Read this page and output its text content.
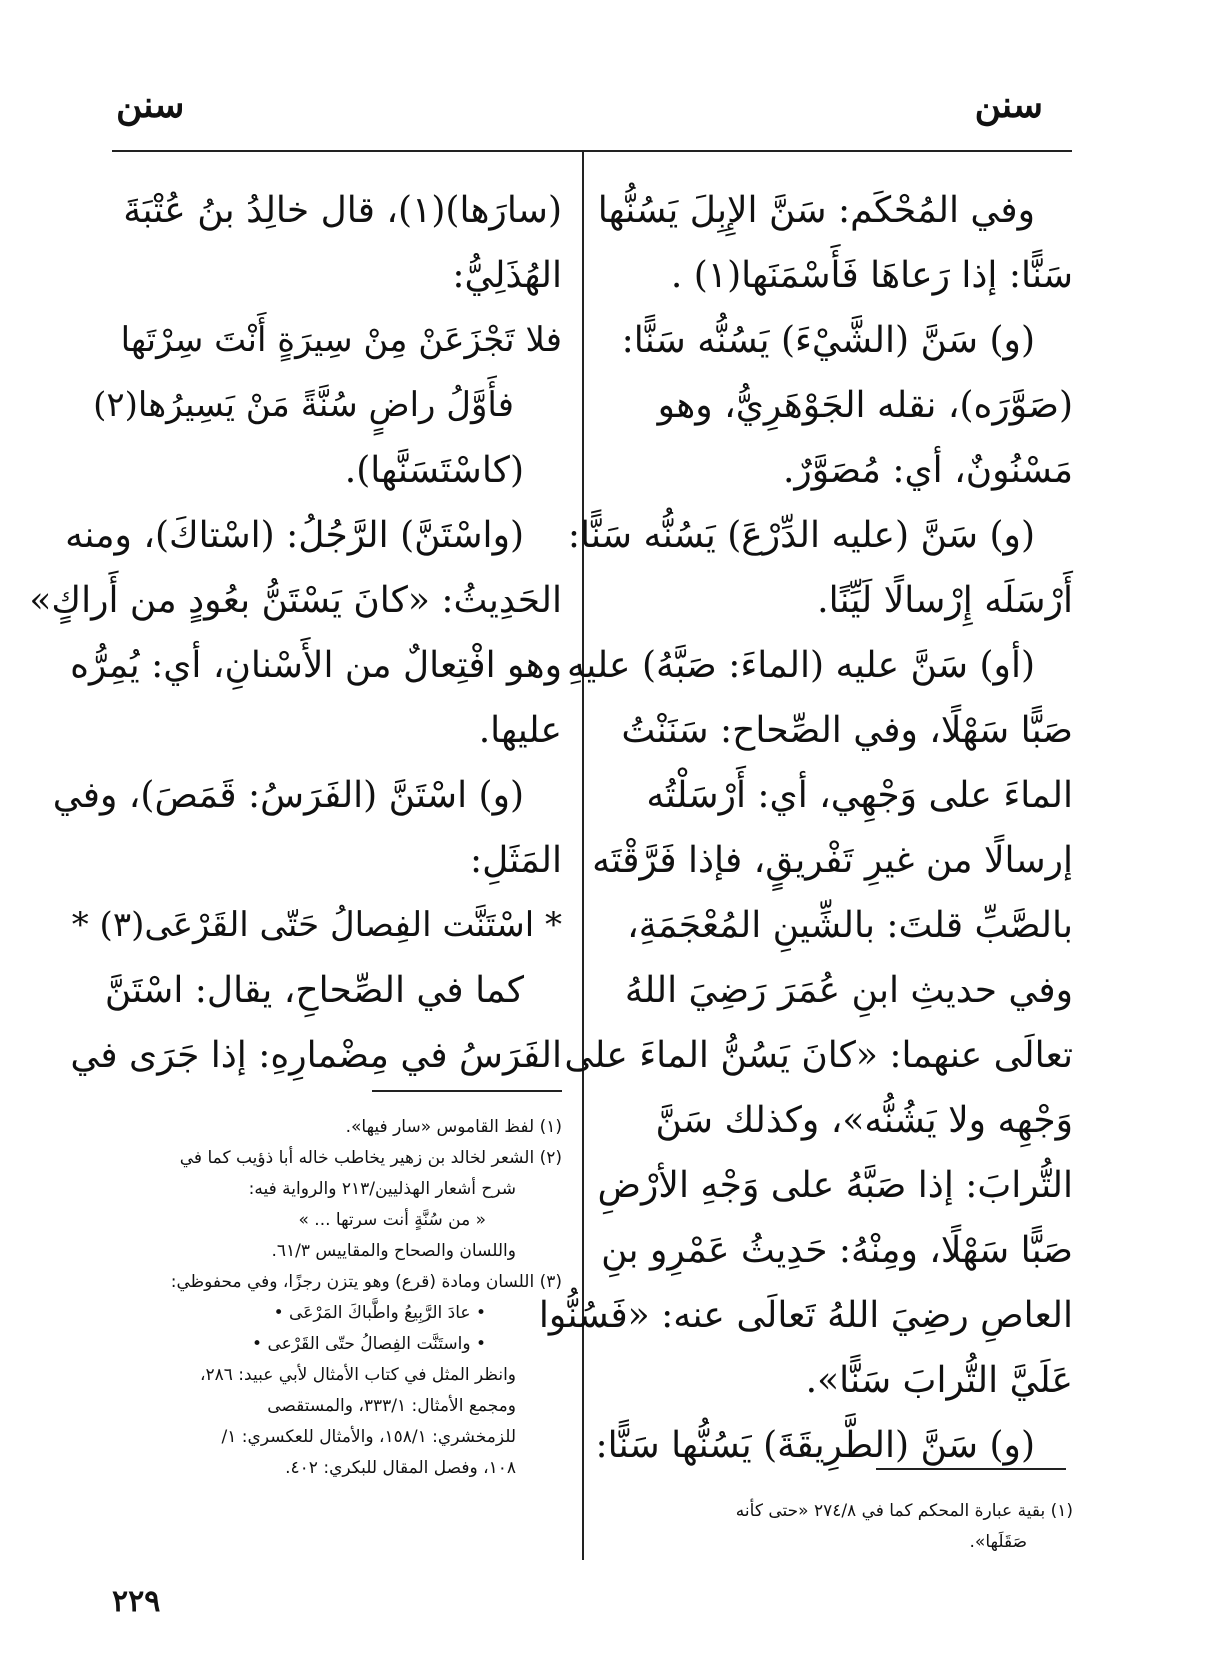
سنن
سنن
وفي المُحْكَم: سَنَّ الإِبِلَ يَسُنُّها
سَنًّا: إذا رَعاهَا فَأَسْمَنَها(١) .
(و) سَنَّ (الشَّيْءَ) يَسُنُّه سَنًّا:
(صَوَّرَه)، نقله الجَوْهَرِيُّ، وهو
مَسْنُونٌ، أي: مُصَوَّرٌ.
(و) سَنَّ (عليه الدِّرْعَ) يَسُنُّه سَنًّا:
أَرْسَلَه إِرْسالًا لَيِّنًا.
(أو) سَنَّ عليه (الماءَ: صَبَّهُ) عليهِ
صَبًّا سَهْلًا، وفي الصِّحاح: سَنَنْتُ
الماءَ على وَجْهِي، أي: أَرْسَلْتُه
إرسالًا من غيرِ تَفْريقٍ، فإذا فَرَّقْتَه
بالصَّبِّ قلتَ: بالشِّينِ المُعْجَمَةِ،
وفي حديثِ ابنِ عُمَرَ رَضِيَ اللهُ
تعالَى عنهما: «كانَ يَسُنُّ الماءَ على
وَجْهِه ولا يَشُنُّه»، وكذلك سَنَّ
التُّرابَ: إذا صَبَّهُ على وَجْهِ الأرْضِ
صَبًّا سَهْلًا، ومِنْهُ: حَدِيثُ عَمْرِو بنِ
العاصِ رضِيَ اللهُ تَعالَى عنه: «فَسُنُّوا
عَلَيَّ التُّرابَ سَنًّا».
(و) سَنَّ (الطَّرِيقَةَ) يَسُنُّها سَنًّا:
(سارَها)(١)، قال خالِدُ بنُ عُتْبَةَ
الهُذَلِيُّ:
فلا تَجْزَعَنْ مِنْ سِيرَةٍ أَنْتَ سِرْتَها
فأَوَّلُ راضٍ سُنَّةً مَنْ يَسِيرُها(٢)
(كاسْتَسَنَّها).
(واسْتَنَّ) الرَّجُلُ: (اسْتاكَ)، ومنه
الحَدِيثُ: «كانَ يَسْتَنُّ بعُودٍ من أَراكٍ»
وهو افْتِعالٌ من الأَسْنانِ، أي: يُمِرُّه
عليها.
(و) اسْتَنَّ (الفَرَسُ: قَمَصَ)، وفي
المَثَلِ:
* اسْتَنَّت الفِصالُ حَتّى القَرْعَى(٣) *
كما في الصِّحاحِ، يقال: اسْتَنَّ
الفَرَسُ في مِضْمارِهِ: إذا جَرَى في
(١) لفظ القاموس «سار فيها».
(٢) الشعر لخالد بن زهير يخاطب خاله أبا ذؤيب كما في
شرح أشعار الهذليين/٢١٣ والرواية فيه:
« من سُنَّةٍ أنت سرتها ... »
واللسان والصحاح والمقاييس ٦١/٣.
(٣) اللسان ومادة (قرع) وهو يتزن رجزًا، وفي محفوظي:
• عادَ الرَّبِيعُ واطَّباكَ المَرْعَى •
• واستَنَّت الفِصالُ حتّى القَرْعى •
وانظر المثل في كتاب الأمثال لأبي عبيد: ٢٨٦،
ومجمع الأمثال: ٣٣٣/١، والمستقصى
للزمخشري: ١٥٨/١، والأمثال للعكسري: ١/
١٠٨، وفصل المقال للبكري: ٤٠٢.
(١) بقية عبارة المحكم كما في ٢٧٤/٨ «حتى كأنه
صَقَلَها».
٢٢٩
